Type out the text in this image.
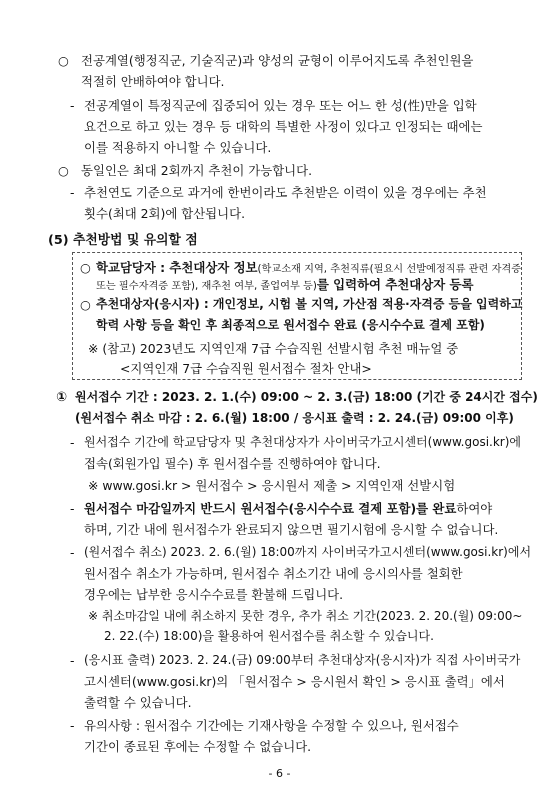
○ 전공계열(행정직군, 기술직군)과 양성의 균형이 이루어지도록 추천인원을
적절히 안배하여야 합니다.
- 전공계열이 특정직군에 집중되어 있는 경우 또는 어느 한 성(性)만을 입학
요건으로 하고 있는 경우 등 대학의 특별한 사정이 있다고 인정되는 때에는
이를 적용하지 아니할 수 있습니다.
○ 동일인은 최대 2회까지 추천이 가능합니다.
- 추천연도 기준으로 과거에 한번이라도 추천받은 이력이 있을 경우에는 추천
횟수(최대 2회)에 합산됩니다.
(5) 추천방법 및 유의할 점
○ 학교담당자 : 추천대상자 정보(학교소재 지역, 추천직류(필요시 선발예정직류 관련 자격증
또는 필수자격증 포함), 재추천 여부, 졸업여부 등)를 입력하여 추천대상자 등록
○ 추천대상자(응시자) : 개인정보, 시험 볼 지역, 가산점 적용·자격증 등을 입력하고
학력 사항 등을 확인 후 최종적으로 원서접수 완료 (응시수수료 결제 포함)
※ (참고) 2023년도 지역인재 7급 수습직원 선발시험 추천 매뉴얼 중
<지역인재 7급 수습직원 원서접수 절차 안내>
① 원서접수 기간 : 2023. 2. 1.(수) 09:00 ~ 2. 3.(금) 18:00 (기간 중 24시간 접수)
(원서접수 취소 마감 : 2. 6.(월) 18:00 / 응시표 출력 : 2. 24.(금) 09:00 이후)
- 원서접수 기간에 학교담당자 및 추천대상자가 사이버국가고시센터(www.gosi.kr)에
접속(회원가입 필수) 후 원서접수를 진행하여야 합니다.
※ www.gosi.kr > 원서접수 > 응시원서 제출 > 지역인재 선발시험
- 원서접수 마감일까지 반드시 원서접수(응시수수료 결제 포함)를 완료하여야
하며, 기간 내에 원서접수가 완료되지 않으면 필기시험에 응시할 수 없습니다.
- (원서접수 취소) 2023. 2. 6.(월) 18:00까지 사이버국가고시센터(www.gosi.kr)에서
원서접수 취소가 가능하며, 원서접수 취소기간 내에 응시의사를 철회한
경우에는 납부한 응시수수료를 환불해 드립니다.
※ 취소마감일 내에 취소하지 못한 경우, 추가 취소 기간(2023. 2. 20.(월) 09:00~
2. 22.(수) 18:00)을 활용하여 원서접수를 취소할 수 있습니다.
- (응시표 출력) 2023. 2. 24.(금) 09:00부터 추천대상자(응시자)가 직접 사이버국가
고시센터(www.gosi.kr)의 「원서접수 > 응시원서 확인 > 응시표 출력」에서
출력할 수 있습니다.
- 유의사항 : 원서접수 기간에는 기재사항을 수정할 수 있으나, 원서접수
기간이 종료된 후에는 수정할 수 없습니다.
- 6 -
